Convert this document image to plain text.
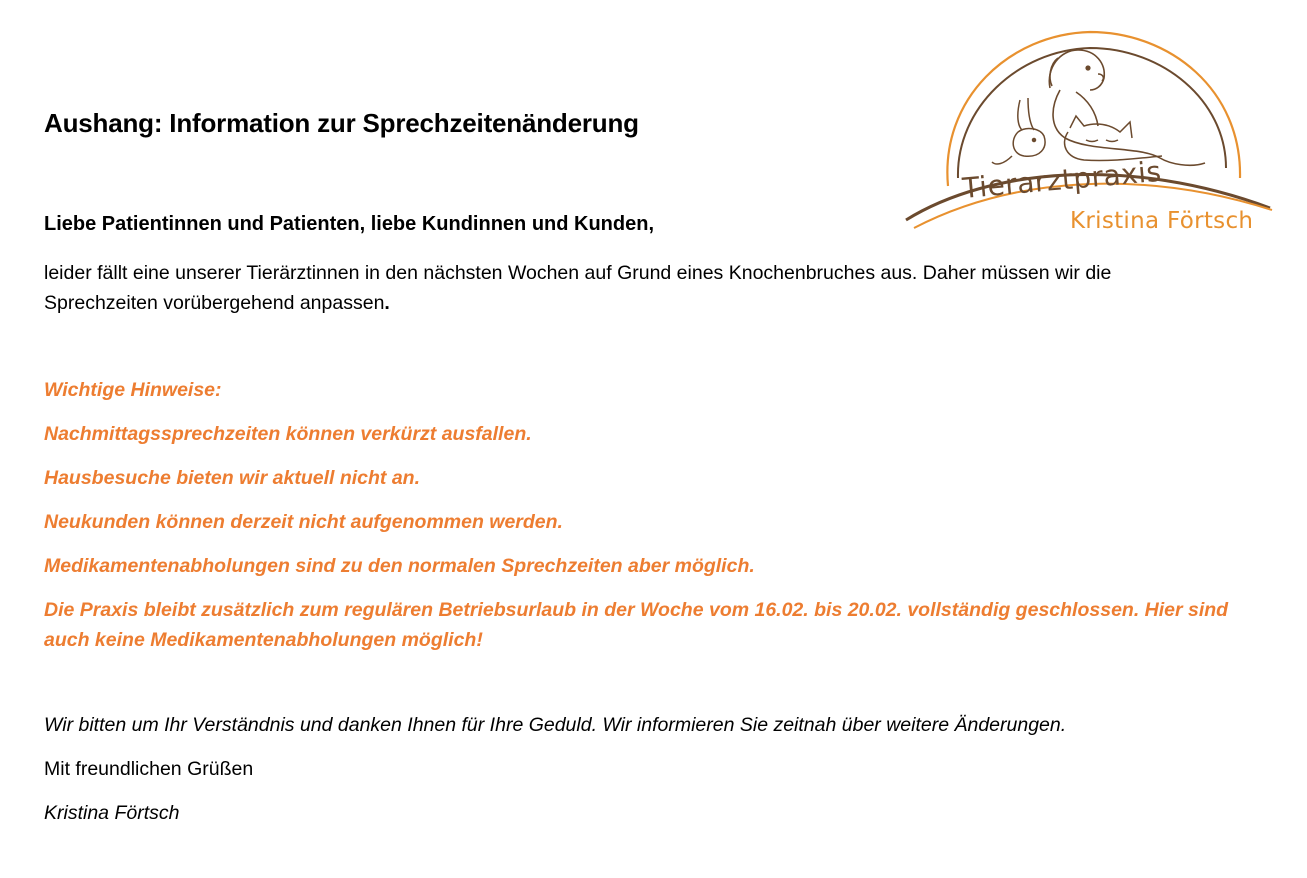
Aushang: Information zur Sprechzeitenänderung
Liebe Patientinnen und Patienten, liebe Kundinnen und Kunden,
leider fällt eine unserer Tierärztinnen in den nächsten Wochen auf Grund eines Knochenbruches aus. Daher müssen wir die Sprechzeiten vorübergehend anpassen.

Wichtige Hinweise:

Nachmittagssprechzeiten können verkürzt ausfallen.

Hausbesuche bieten wir aktuell nicht an.

Neukunden können derzeit nicht aufgenommen werden.

Medikamentenabholungen sind zu den normalen Sprechzeiten aber möglich.

Die Praxis bleibt zusätzlich zum regulären Betriebsurlaub in der Woche vom 16.02. bis 20.02. vollständig geschlossen. Hier sind auch keine Medikamentenabholungen möglich!

Wir bitten um Ihr Verständnis und danken Ihnen für Ihre Geduld. Wir informieren Sie zeitnah über weitere Änderungen.
Mit freundlichen Grüßen
Kristina Förtsch
Tierarztpraxis
Kristina Förtsch
